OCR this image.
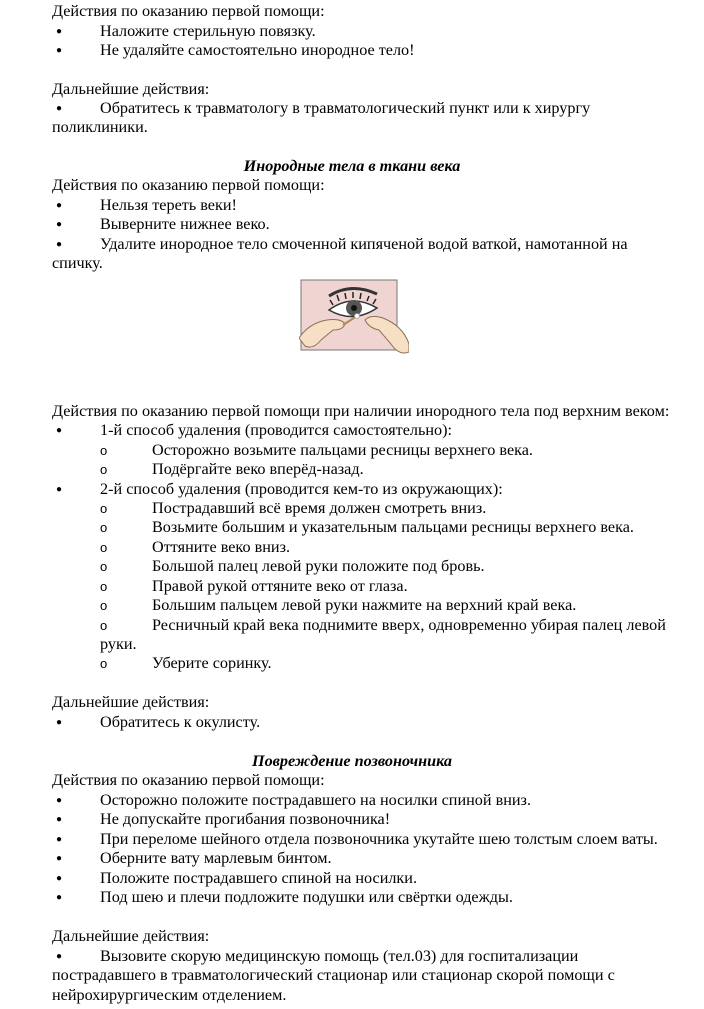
Действия по оказанию первой помощи:
● Наложите стерильную повязку.
● Не удаляйте самостоятельно инородное тело!
Дальнейшие действия:
● Обратитесь к травматологу в травматологический пункт или к хирургу
поликлиники.
Инородные тела в ткани века
Действия по оказанию первой помощи:
● Нельзя тереть веки!
● Выверните нижнее веко.
● Удалите инородное тело смоченной кипяченой водой ваткой, намотанной на
спичку.
Действия по оказанию первой помощи при наличии инородного тела под верхним веком:
● 1-й способ удаления (проводится самостоятельно):
o	Осторожно возьмите пальцами ресницы верхнего века.
o	Подёргайте веко вперёд-назад.
● 2-й способ удаления (проводится кем-то из окружающих):
o	Пострадавший всё время должен смотреть вниз.
o	Возьмите большим и указательным пальцами ресницы верхнего века.
o	Оттяните веко вниз.
o	Большой палец левой руки положите под бровь.
o	Правой рукой оттяните веко от глаза.
o	Большим пальцем левой руки нажмите на верхний край века.
o	Ресничный край века поднимите вверх, одновременно убирая палец левой
руки.
o	Уберите соринку.
Дальнейшие действия:
● Обратитесь к окулисту.
Повреждение позвоночника
Действия по оказанию первой помощи:
● Осторожно положите пострадавшего на носилки спиной вниз.
● Не допускайте прогибания позвоночника!
● При переломе шейного отдела позвоночника укутайте шею толстым слоем ваты.
● Оберните вату марлевым бинтом.
● Положите пострадавшего спиной на носилки.
● Под шею и плечи подложите подушки или свёртки одежды.
Дальнейшие действия:
● Вызовите скорую медицинскую помощь (тел.03) для госпитализации
пострадавшего в травматологический стационар или стационар скорой помощи с
нейрохирургическим отделением.
